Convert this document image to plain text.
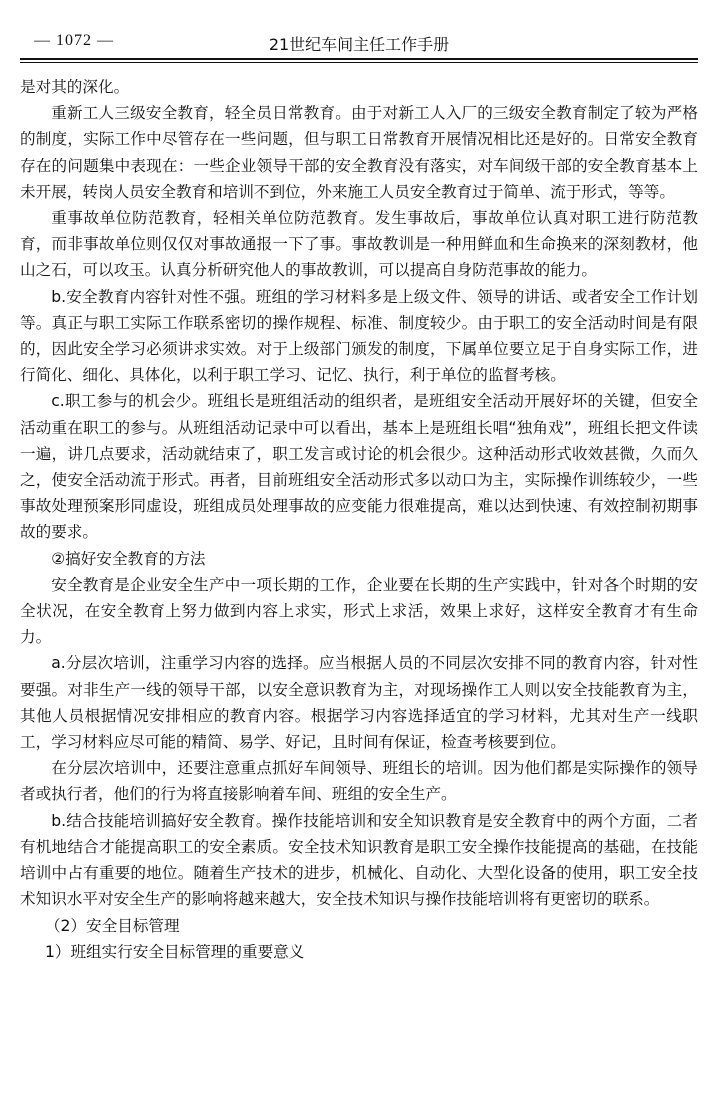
— 1072 —	21世纪车间主任工作手册

是对其的深化。

重新工人三级安全教育，轻全员日常教育。由于对新工人入厂的三级安全教育制定了较为严格的制度，实际工作中尽管存在一些问题，但与职工日常教育开展情况相比还是好的。日常安全教育存在的问题集中表现在：一些企业领导干部的安全教育没有落实，对车间级干部的安全教育基本上未开展，转岗人员安全教育和培训不到位，外来施工人员安全教育过于简单、流于形式，等等。

重事故单位防范教育，轻相关单位防范教育。发生事故后，事故单位认真对职工进行防范教育，而非事故单位则仅仅对事故通报一下了事。事故教训是一种用鲜血和生命换来的深刻教材，他山之石，可以攻玉。认真分析研究他人的事故教训，可以提高自身防范事故的能力。

b.安全教育内容针对性不强。班组的学习材料多是上级文件、领导的讲话、或者安全工作计划等。真正与职工实际工作联系密切的操作规程、标准、制度较少。由于职工的安全活动时间是有限的，因此安全学习必须讲求实效。对于上级部门颁发的制度，下属单位要立足于自身实际工作，进行简化、细化、具体化，以利于职工学习、记忆、执行，利于单位的监督考核。

c.职工参与的机会少。班组长是班组活动的组织者，是班组安全活动开展好坏的关键，但安全活动重在职工的参与。从班组活动记录中可以看出，基本上是班组长唱“独角戏”，班组长把文件读一遍，讲几点要求，活动就结束了，职工发言或讨论的机会很少。这种活动形式收效甚微，久而久之，使安全活动流于形式。再者，目前班组安全活动形式多以动口为主，实际操作训练较少，一些事故处理预案形同虚设，班组成员处理事故的应变能力很难提高，难以达到快速、有效控制初期事故的要求。

②搞好安全教育的方法

安全教育是企业安全生产中一项长期的工作，企业要在长期的生产实践中，针对各个时期的安全状况，在安全教育上努力做到内容上求实，形式上求活，效果上求好，这样安全教育才有生命力。

a.分层次培训，注重学习内容的选择。应当根据人员的不同层次安排不同的教育内容，针对性要强。对非生产一线的领导干部，以安全意识教育为主，对现场操作工人则以安全技能教育为主，其他人员根据情况安排相应的教育内容。根据学习内容选择适宜的学习材料，尤其对生产一线职工，学习材料应尽可能的精简、易学、好记，且时间有保证，检查考核要到位。

在分层次培训中，还要注意重点抓好车间领导、班组长的培训。因为他们都是实际操作的领导者或执行者，他们的行为将直接影响着车间、班组的安全生产。

b.结合技能培训搞好安全教育。操作技能培训和安全知识教育是安全教育中的两个方面，二者有机地结合才能提高职工的安全素质。安全技术知识教育是职工安全操作技能提高的基础，在技能培训中占有重要的地位。随着生产技术的进步，机械化、自动化、大型化设备的使用，职工安全技术知识水平对安全生产的影响将越来越大，安全技术知识与操作技能培训将有更密切的联系。

（2）安全目标管理

1）班组实行安全目标管理的重要意义
